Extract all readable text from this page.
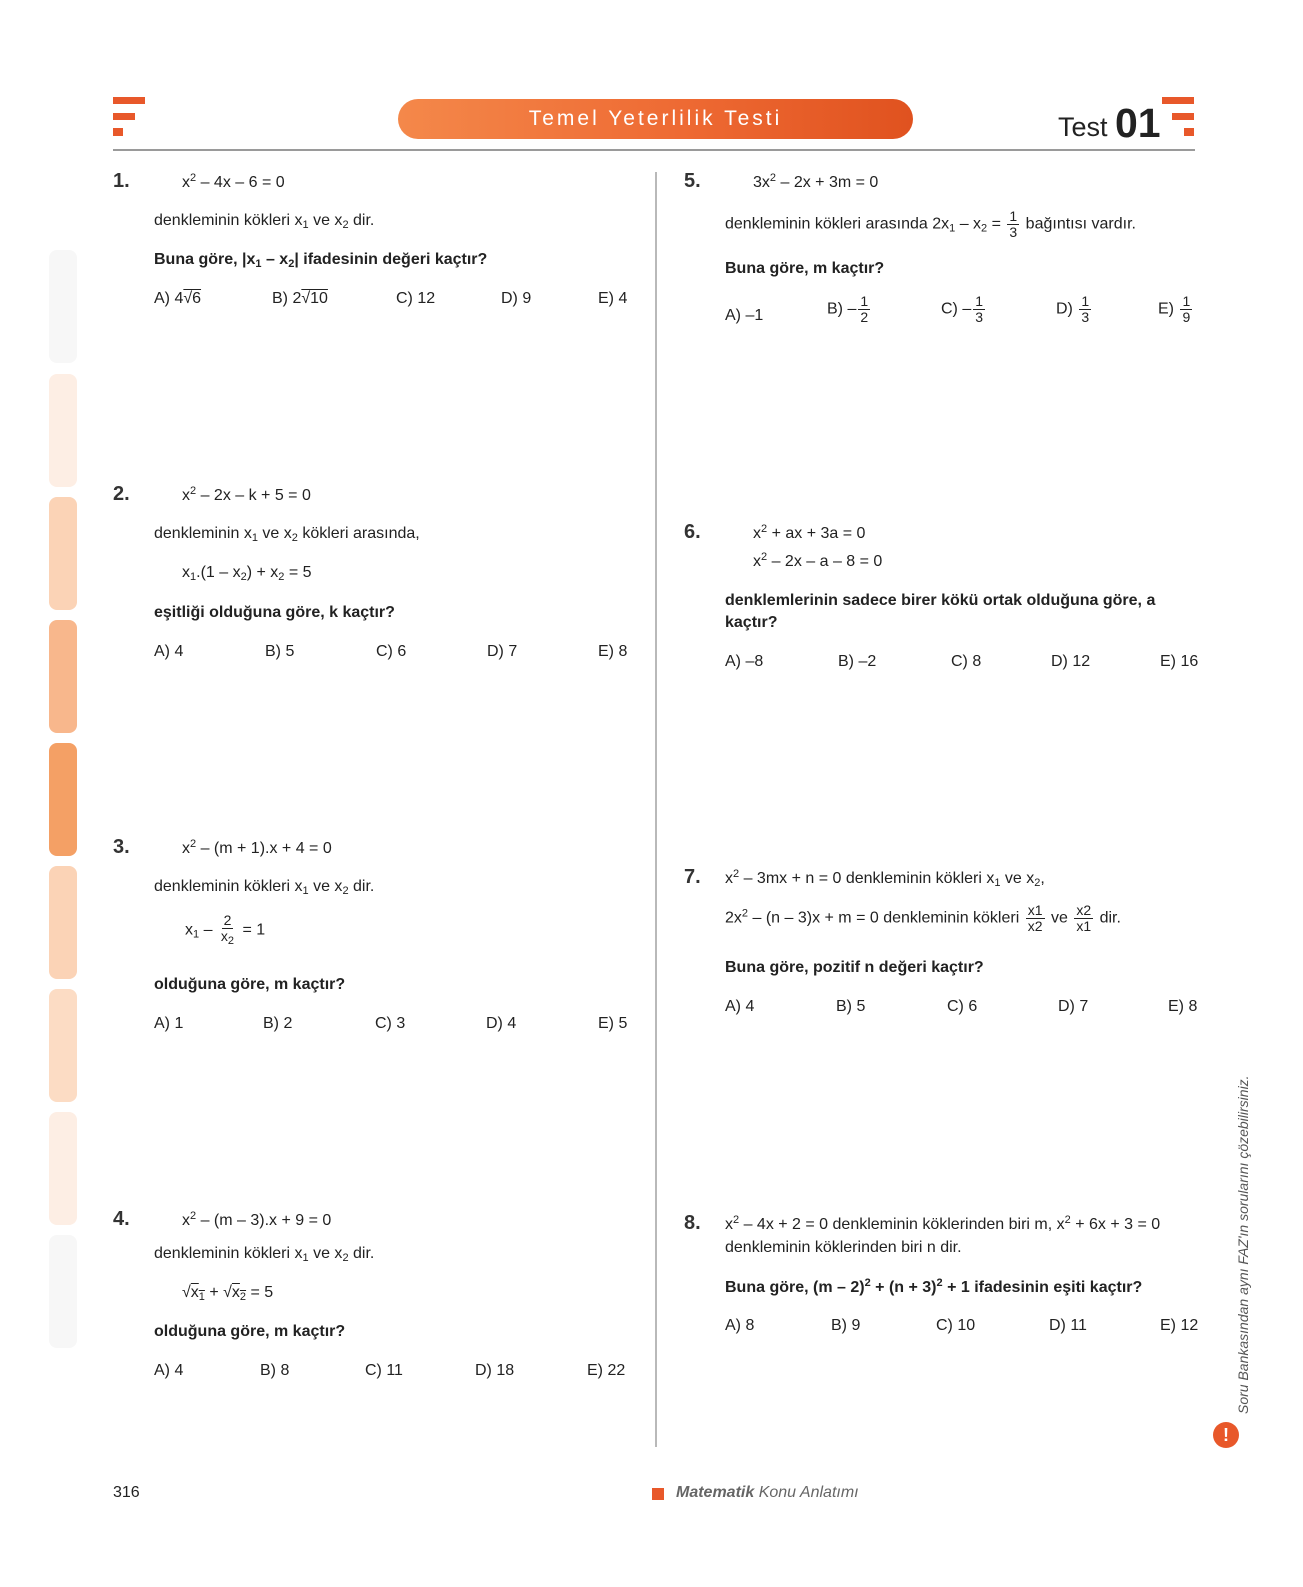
Temel Yeterlilik Testi	Test 01
1.	$x^2 - 4x - 6 = 0$
denkleminin kökleri $x_1$ ve $x_2$ dir.
Buna göre, $|x_1 - x_2|$ ifadesinin değeri kaçtır?
A) 4√6	B) 2√10	C) 12	D) 9	E) 4
2.	$x^2 - 2x - k + 5 = 0$
denkleminin $x_1$ ve $x_2$ kökleri arasında,
$x_1.(1 - x_2) + x_2 = 5$
eşitliği olduğuna göre, k kaçtır?
A) 4	B) 5	C) 6	D) 7	E) 8
3.	$x^2 - (m + 1).x + 4 = 0$
denkleminin kökleri $x_1$ ve $x_2$ dir.
$x_1 - \frac{2}{x_2} = 1$
olduğuna göre, m kaçtır?
A) 1	B) 2	C) 3	D) 4	E) 5
4.	$x^2 - (m - 3).x + 9 = 0$
denkleminin kökleri $x_1$ ve $x_2$ dir.
$√x_1 + √x_2 = 5$
olduğuna göre, m kaçtır?
A) 4	B) 8	C) 11	D) 18	E) 22
5.	$3x^2 - 2x + 3m = 0$
denkleminin kökleri arasında $2x_1 - x_2 = \frac{1}{3}$ bağıntısı vardır.
Buna göre, m kaçtır?
A) –1	$B) - \frac{1}{2}$	$C) - \frac{1}{3}$	$D) \frac{1}{3}$	$E) \frac{1}{9}$
6.	$x^2$ + ax + 3a = 0
$x^2 - 2x - a - 8 = 0$
denklemlerinin sadece birer kökü ortak olduğuna göre, a
kaçtır?
A) –8	B) –2	C) 8	D) 12	E) 16
7. $x^2 - 3mx + n = 0$ denkleminin kökleri $x_1$ ve $x_2$,
$2x^2 - (n - 3)x + m = 0$ denkleminin kökleri $\frac{x1}{x2}$ ve $\frac{x2}{x1}$ dir.
Buna göre, pozitif n değeri kaçtır?
A) 4	B) 5	C) 6	D) 7	E) 8
8. $x^2 - 4x + 2 = 0$ denkleminin köklerinden biri m, $x^2 + 6x + 3 = 0$
denkleminin köklerinden biri n dir.
Buna göre, $(m - 2)^2 + (n + 3)^2 + 1$ ifadesinin eşiti kaçtır?
A) 8	B) 9	C) 10	D) 11	E) 12	Soru Bankasından aynı FAZ'ın sorularını çözebilirsiniz.
!
316	Matematik Konu Anlatımı
